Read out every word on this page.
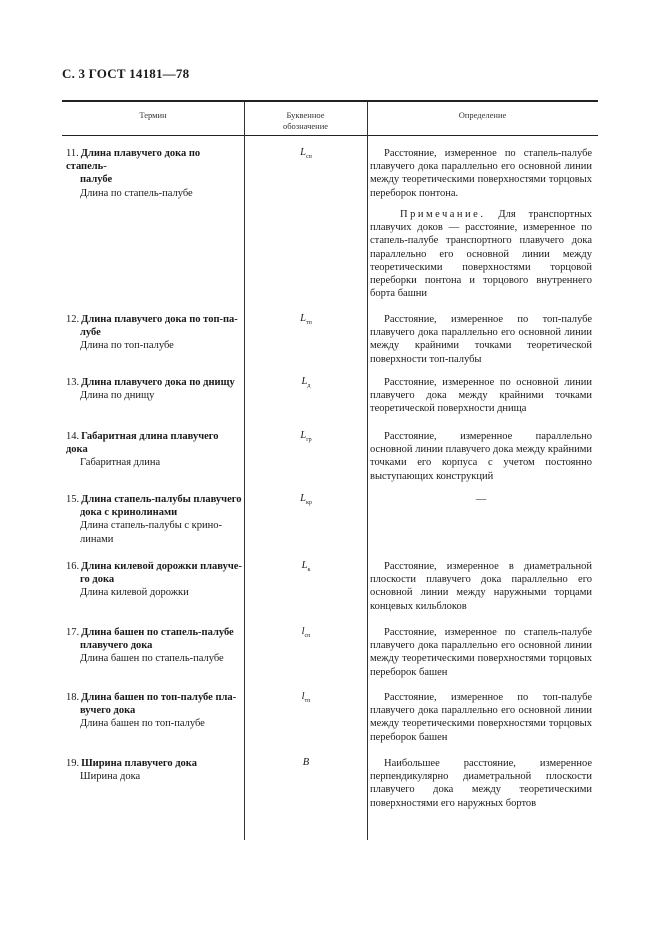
С. 3 ГОСТ 14181—78
Термин	Буквенное
обозначение
Определение
11. Длина плавучего дока по стапель-
палубе
Длина по стапель-палубе
$L_{сп}$	Расстояние, измеренное по стапель-палубе плавучего дока параллельно его основной линии между теоретическими поверхностями торцовых переборок понтона.

Примечание. Для транспортных плавучих доков — расстояние, измеренное по стапель-палубе транспортного плавучего дока параллельно его основной линии между теоретическими поверхностями торцовой переборки понтона и торцового внутреннего борта башни

12. Длина плавучего дока по топ-па-
лубе
Длина по топ-палубе
$L_{тп}$	Расстояние, измеренное по топ-палубе плавучего дока параллельно его основной линии между крайними точками теоретической поверхности топ-палубы

13. Длина плавучего дока по днищу
Длина по днищу
$L_д$	Расстояние, измеренное по основной линии плавучего дока между крайними точками теоретической поверхности днища

14. Габаритная длина плавучего дока
Габаритная длина
$L_{гр}$	Расстояние, измеренное параллельно основной линии плавучего дока между крайними точками его корпуса с учетом постоянно выступающих конструкций

15. Длина стапель-палубы плавучего
дока с кринолинами
Длина стапель-палубы с крино-
линами
$L_{кр}$	—
16. Длина килевой дорожки плавуче-
го дока
Длина килевой дорожки
$L_к$	Расстояние, измеренное в диаметральной плоскости плавучего дока параллельно его основной линии между наружными торцами концевых кильблоков

17. Длина башен по стапель-палубе
плавучего дока
Длина башен по стапель-палубе
$l_{сп}$	Расстояние, измеренное по стапель-палубе плавучего дока параллельно его основной линии между теоретическими поверхностями торцовых переборок башен

18. Длина башен по топ-палубе пла-
вучего дока
Длина башен по топ-палубе
$l_{тп}$	Расстояние, измеренное по топ-палубе плавучего дока параллельно его основной линии между теоретическими поверхностями торцовых переборок башен

19. Ширина плавучего дока
Ширина дока
B	Наибольшее расстояние, измеренное перпендикулярно диаметральной плоскости плавучего дока между теоретическими поверхностями его наружных бортов
